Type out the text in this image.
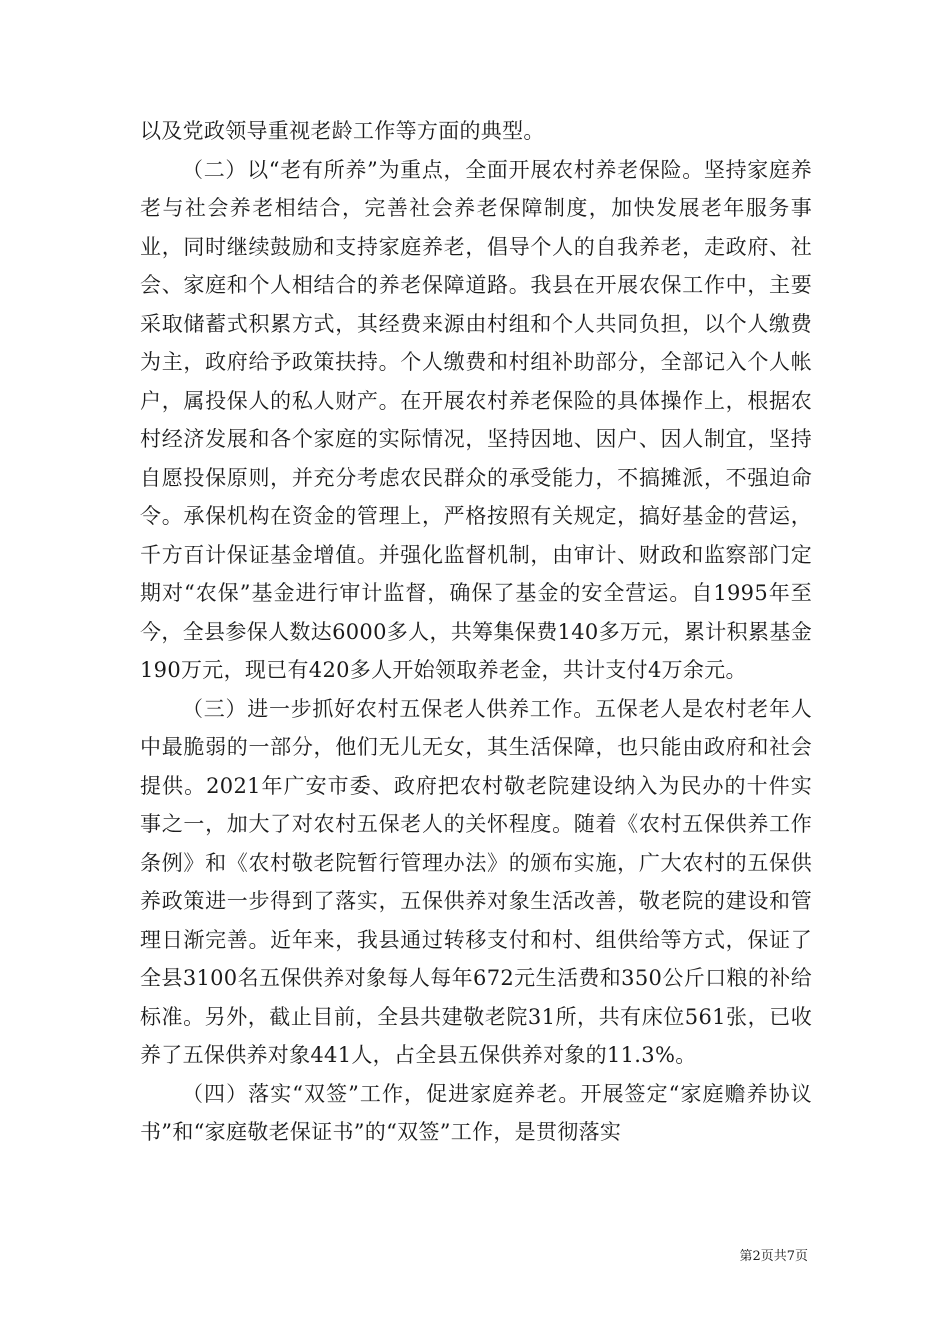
以及党政领导重视老龄工作等方面的典型。

（二）以“老有所养”为重点，全面开展农村养老保险。坚持家庭养老与社会养老相结合，完善社会养老保障制度，加快发展老年服务事业，同时继续鼓励和支持家庭养老，倡导个人的自我养老，走政府、社会、家庭和个人相结合的养老保障道路。我县在开展农保工作中，主要采取储蓄式积累方式，其经费来源由村组和个人共同负担，以个人缴费为主，政府给予政策扶持。个人缴费和村组补助部分，全部记入个人帐户，属投保人的私人财产。在开展农村养老保险的具体操作上，根据农村经济发展和各个家庭的实际情况，坚持因地、因户、因人制宜，坚持自愿投保原则，并充分考虑农民群众的承受能力，不搞摊派，不强迫命令。承保机构在资金的管理上，严格按照有关规定，搞好基金的营运，千方百计保证基金增值。并强化监督机制，由审计、财政和监察部门定期对“农保”基金进行审计监督，确保了基金的安全营运。自1995年至今，全县参保人数达6000多人，共筹集保费140多万元，累计积累基金190万元，现已有420多人开始领取养老金，共计支付4万余元。

（三）进一步抓好农村五保老人供养工作。五保老人是农村老年人中最脆弱的一部分，他们无儿无女，其生活保障，也只能由政府和社会提供。2021年广安市委、政府把农村敬老院建设纳入为民办的十件实事之一，加大了对农村五保老人的关怀程度。随着《农村五保供养工作条例》和《农村敬老院暂行管理办法》的颁布实施，广大农村的五保供养政策进一步得到了落实，五保供养对象生活改善，敬老院的建设和管理日渐完善。近年来，我县通过转移支付和村、组供给等方式，保证了全县3100名五保供养对象每人每年672元生活费和350公斤口粮的补给标准。另外，截止目前，全县共建敬老院31所，共有床位561张，已收养了五保供养对象441人，占全县五保供养对象的11.3%。

（四）落实“双签”工作，促进家庭养老。开展签定“家庭赡养协议书”和“家庭敬老保证书”的“双签”工作，是贯彻落实

第2页共7页
